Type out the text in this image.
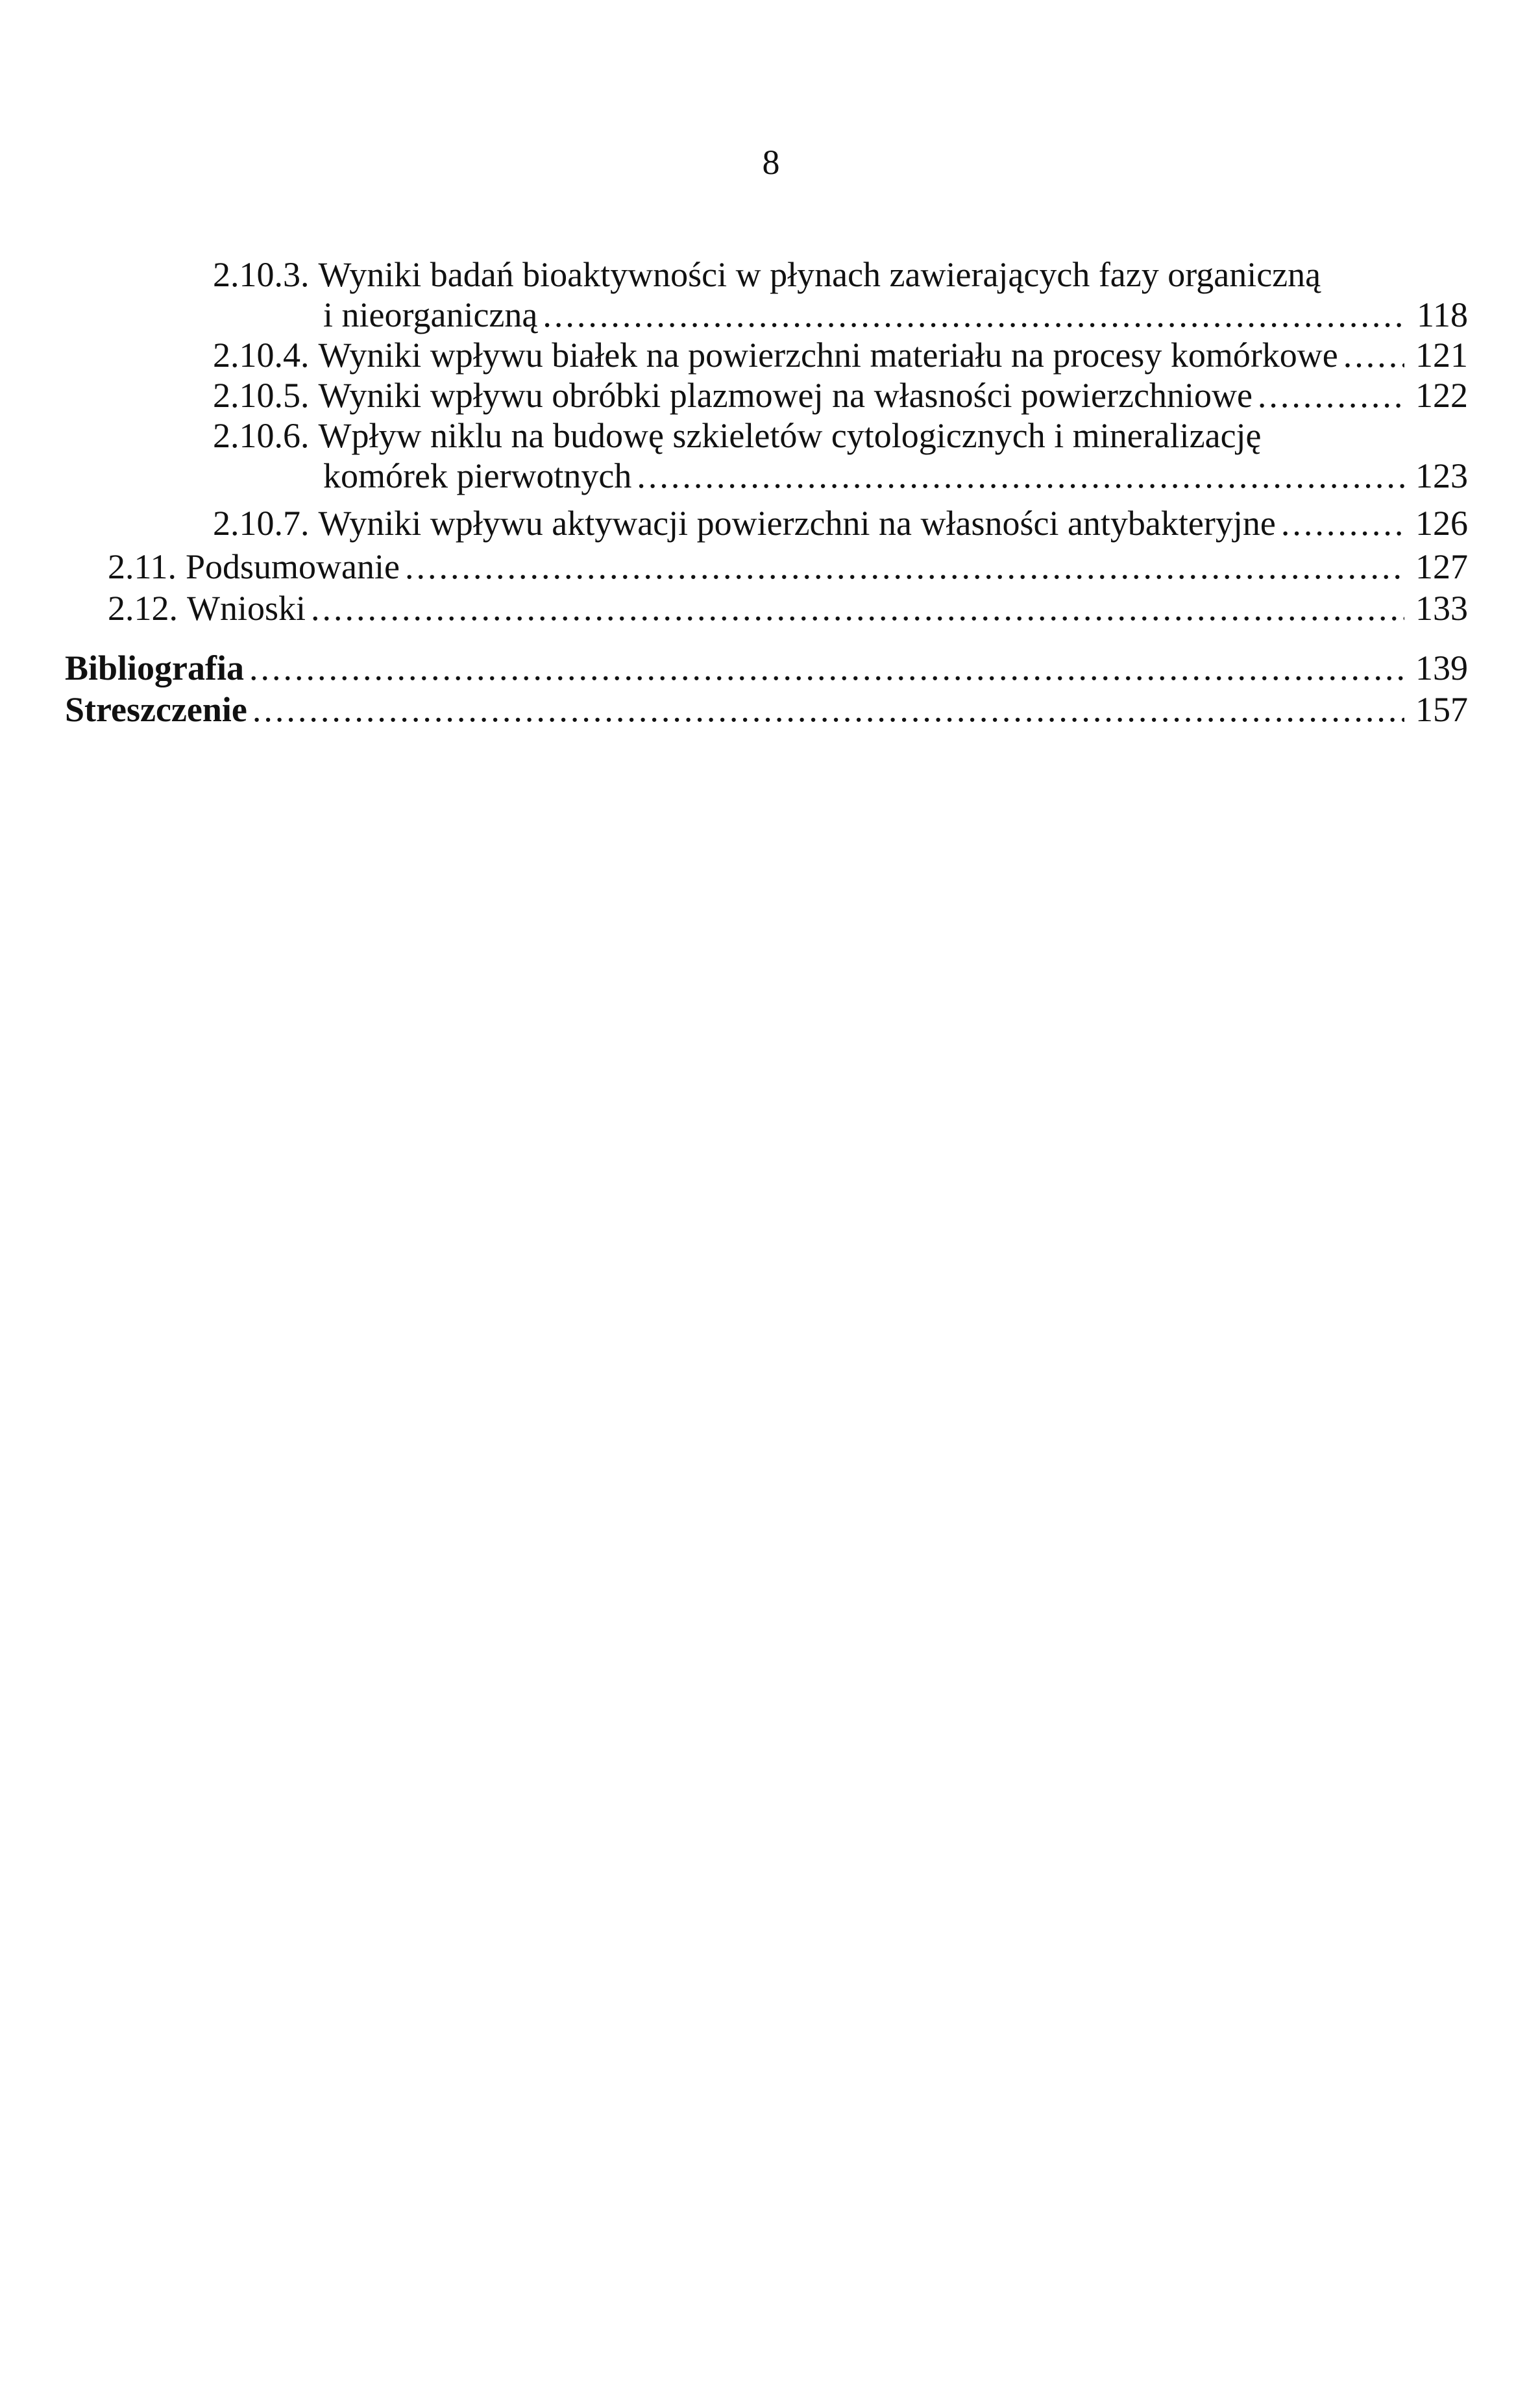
8
2.10.3. Wyniki badań bioaktywności w płynach zawierających fazy organiczną
i nieorganiczną .....	118
2.10.4. Wyniki wpływu białek na powierzchni materiału na procesy komórkowe ..... 121
2.10.5. Wyniki wpływu obróbki plazmowej na własności powierzchniowe .....	122
2.10.6. Wpływ niklu na budowę szkieletów cytologicznych i mineralizację
komórek pierwotnych .....	123
2.10.7. Wyniki wpływu aktywacji powierzchni na własności antybakteryjne .....	126
2.11. Podsumowanie .....	127
2.12. Wnioski .....	133
Bibliografia .....	139
Streszczenie .....	157
